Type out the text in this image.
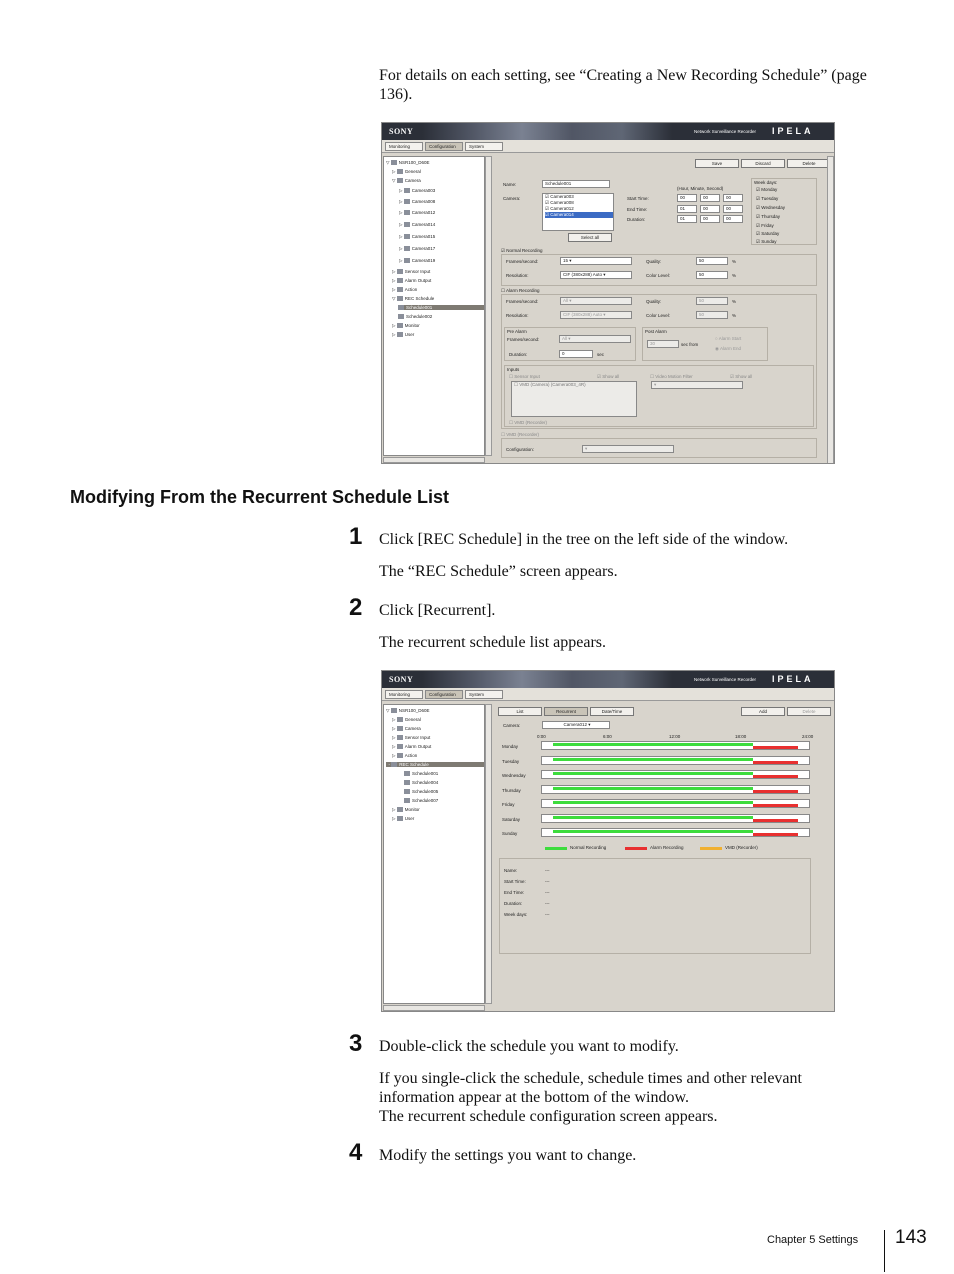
For details on each setting, see “Creating a New Recording Schedule” (page 136).
SONY	Network Surveillance Recorder IPELA
Monitoring	Configuration	System
▽ NSR100_D60E
▷ General
▽ Camera
▷ Camera003
▷ Camera008
▷ Camera012
▷ Camera014
▷ Camera015
▷ Camera017
▷ Camera019
▷ Sensor Input
▷ Alarm Output
▷ Action
▽ REC Schedule
Schedule001
Schedule002
▷ Monitor
▷ User
Save	Discard	Delete
Name:	Schedule001
Camera:	☑ Camera003
☑ Camera008
☑ Camera012
☑ Camera014
Select all
(Hour, Minute, Second)
Start Time:	00	00	00
End Time:	01	00	00
Duration:	01	00	00
Week days:
☑ Monday
☑ Tuesday
☑ Wednesday
☑ Thursday
☑ Friday
☑ Saturday
☑ Sunday
☑ Normal Recording
Frames/second:	15 ▾
Resolution:	CIF (380x288) Auto ▾
Quality:	50	%
Color Level:	50	%
☐ Alarm Recording
Frames/second:	All ▾
Resolution:	CIF (380x288) Auto ▾
Quality:	50	%
Color Level:	50	%
Pre Alarm
Frames/second:	All ▾
Duration:	0	sec
Post Alarm
30	sec from
○ Alarm Start
◉ Alarm End
Inputs
☐ Sensor Input	☑ Show all	☐ Video Motion Filter	☑ Show all
☐ VMD (Camera) (Camera003_4R)	▾
☐ VMD (Recorder)
☐ VMD (Recorder)
Configuration:	▾
Modifying From the Recurrent Schedule List
1 Click [REC Schedule] in the tree on the left side of the window.
The “REC Schedule” screen appears.
2 Click [Recurrent].
The recurrent schedule list appears.
SONY	Network Surveillance Recorder IPELA
Monitoring	Configuration	System
▽ NSR100_D60E
▷ General
▷ Camera
▷ Sensor Input
▷ Alarm Output
▷ Action
- REC Schedule
Schedule001
Schedule004
Schedule005
Schedule007
▷ Monitor
▷ User
List	Recurrent	Date/Time	Add	Delete
Camera:	Camera012 ▾
0:00	6:00	12:00	18:00	24:00
Monday
Tuesday
Wednesday
Thursday
Friday
Saturday
Sunday
Normal Recording	Alarm Recording	VMD (Recorder)
Name:	---
Start Time:	---
End Time:	---
Duration:	---
Week days:	---
3 Double-click the schedule you want to modify.
If you single-click the schedule, schedule times and other relevant information appear at the bottom of the window.
The recurrent schedule configuration screen appears.
4 Modify the settings you want to change.
Chapter 5 Settings 143
